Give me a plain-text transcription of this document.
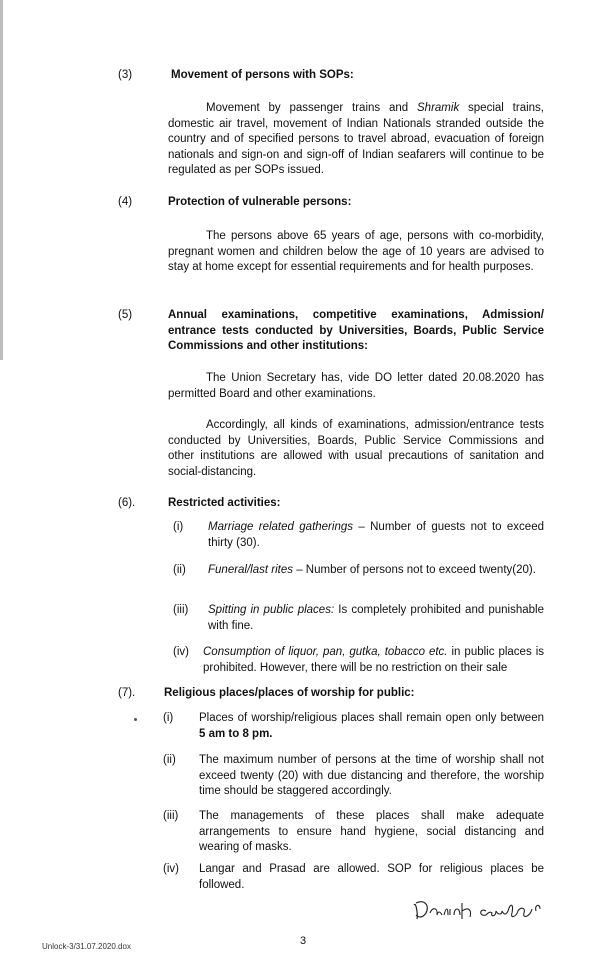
(3)	Movement of persons with SOPs:
Movement by passenger trains and Shramik special trains, domestic air travel, movement of Indian Nationals stranded outside the country and of specified persons to travel abroad, evacuation of foreign nationals and sign-on and sign-off of Indian seafarers will continue to be regulated as per SOPs issued.
(4)	Protection of vulnerable persons:
The persons above 65 years of age, persons with co-morbidity, pregnant women and children below the age of 10 years are advised to stay at home except for essential requirements and for health purposes.
(5)	Annual examinations, competitive examinations, Admission/ entrance tests conducted by Universities, Boards, Public Service Commissions and other institutions:
The Union Secretary has, vide DO letter dated 20.08.2020 has permitted Board and other examinations.
Accordingly, all kinds of examinations, admission/entrance tests conducted by Universities, Boards, Public Service Commissions and other institutions are allowed with usual precautions of sanitation and social-distancing.
(6).	Restricted activities:
(i) Marriage related gatherings – Number of guests not to exceed thirty (30).
(ii) Funeral/last rites – Number of persons not to exceed twenty(20).
(iii) Spitting in public places: Is completely prohibited and punishable with fine.
(iv) Consumption of liquor, pan, gutka, tobacco etc. in public places is prohibited. However, there will be no restriction on their sale
(7).	Religious places/places of worship for public:
(i) Places of worship/religious places shall remain open only between 5 am to 8 pm.
(ii) The maximum number of persons at the time of worship shall not exceed twenty (20) with due distancing and therefore, the worship time should be staggered accordingly.
(iii) The managements of these places shall make adequate arrangements to ensure hand hygiene, social distancing and wearing of masks.
(iv) Langar and Prasad are allowed. SOP for religious places be followed.
Unlock-3/31.07.2020.dox	3
